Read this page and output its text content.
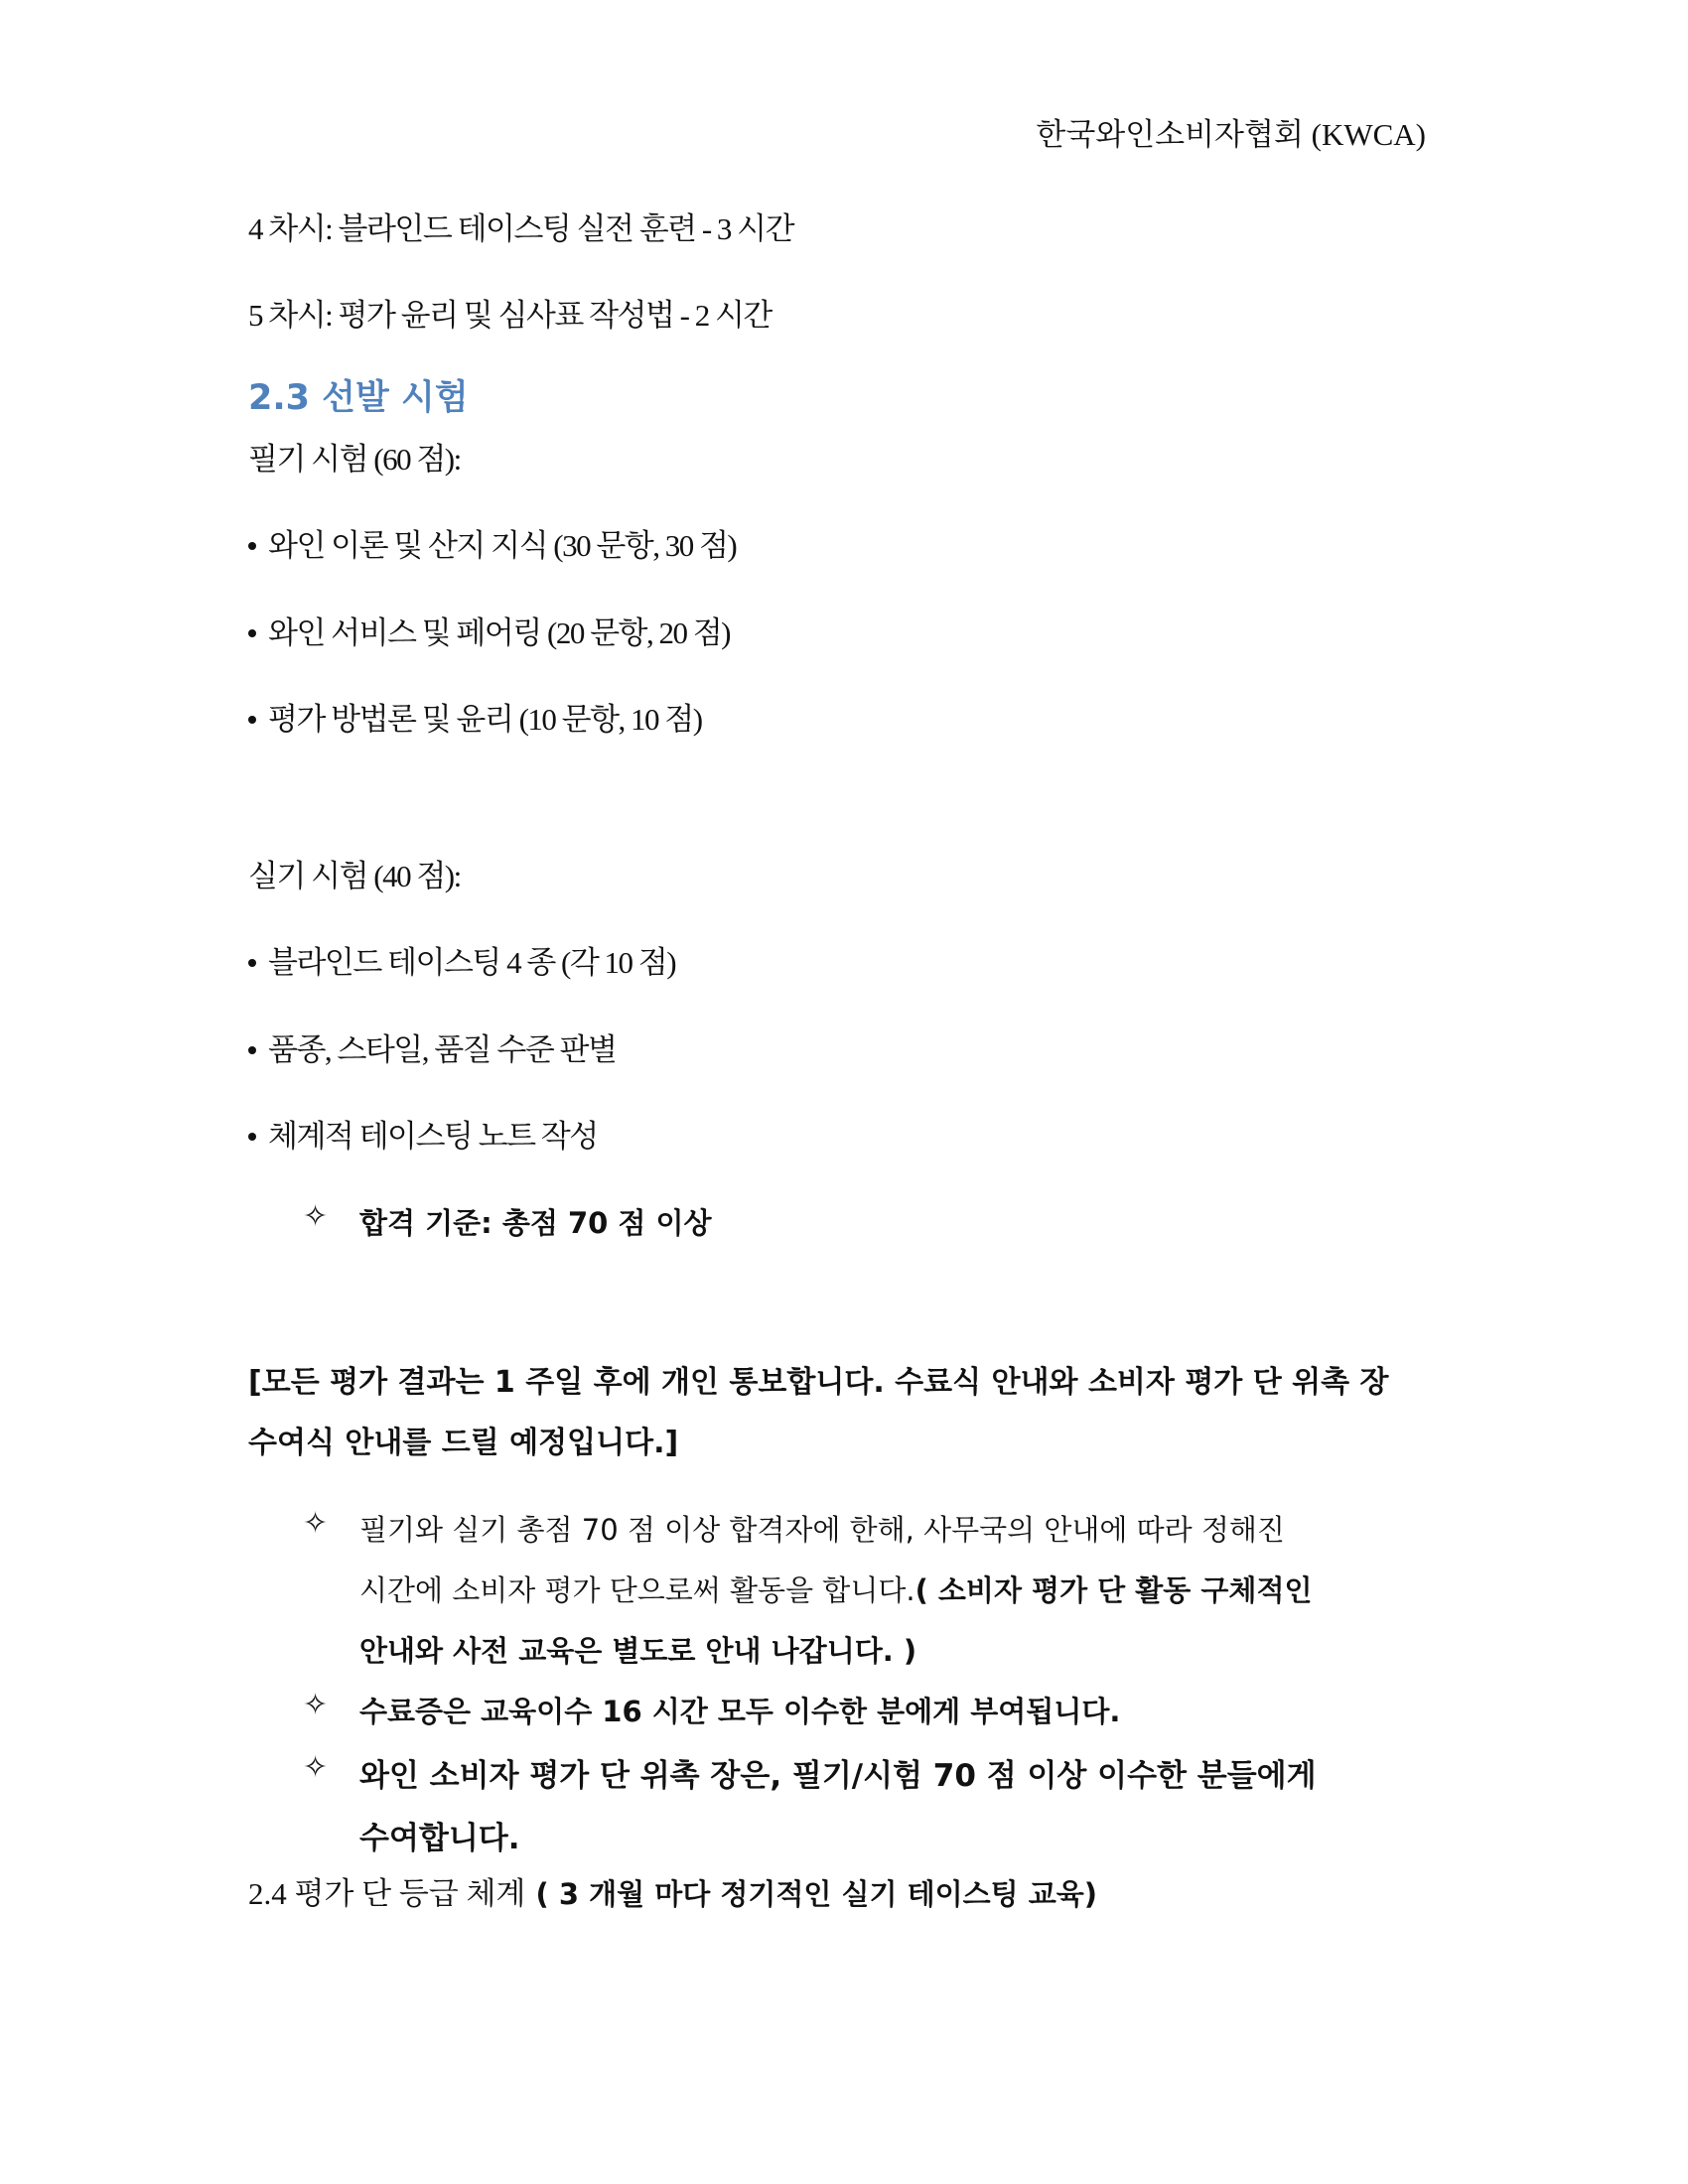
한국와인소비자협회 (KWCA)
4 차시: 블라인드 테이스팅 실전 훈련 - 3 시간
5 차시: 평가 윤리 및 심사표 작성법 - 2 시간
2.3 선발 시험
필기 시험 (60 점):
와인 이론 및 산지 지식 (30 문항, 30 점)
와인 서비스 및 페어링 (20 문항, 20 점)
평가 방법론 및 윤리 (10 문항, 10 점)
실기 시험 (40 점):
블라인드 테이스팅 4 종 (각 10 점)
품종, 스타일, 품질 수준 판별
체계적 테이스팅 노트 작성
✧ 합격 기준: 총점 70 점 이상
[모든 평가 결과는 1 주일 후에 개인 통보합니다. 수료식 안내와 소비자 평가 단 위촉 장
수여식 안내를 드릴 예정입니다.]
✧ 필기와 실기 총점 70 점 이상 합격자에 한해, 사무국의 안내에 따라 정해진
시간에 소비자 평가 단으로써 활동을 합니다.( 소비자 평가 단 활동 구체적인
안내와 사전 교육은 별도로 안내 나갑니다. )
✧ 수료증은 교육이수 16 시간 모두 이수한 분에게 부여됩니다.
✧ 와인 소비자 평가 단 위촉 장은, 필기/시험 70 점 이상 이수한 분들에게
수여합니다.
2.4 평가 단 등급 체계 ( 3 개월 마다 정기적인 실기 테이스팅 교육)
